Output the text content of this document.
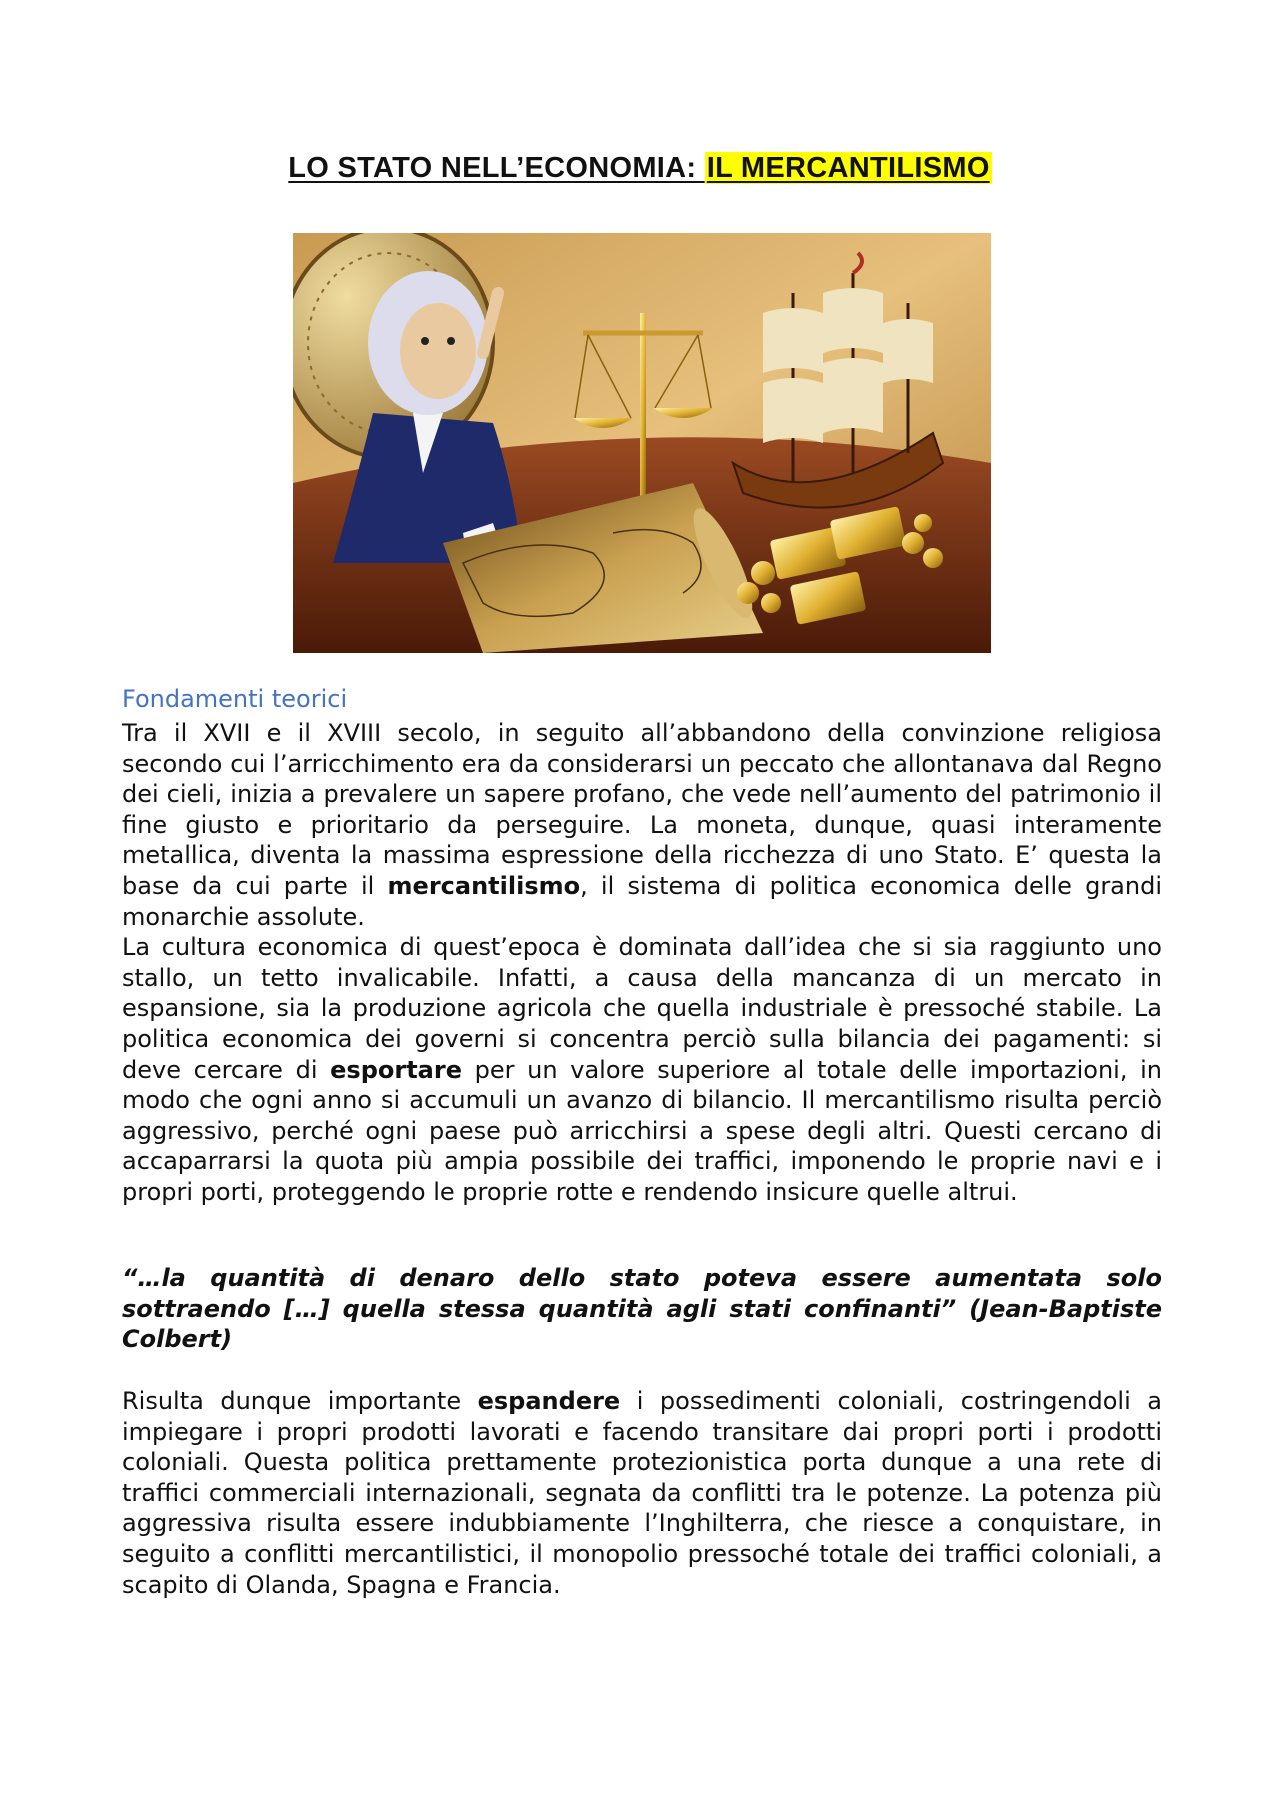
LO STATO NELL’ECONOMIA: IL MERCANTILISMO
Fondamenti teorici

Tra il XVII e il XVIII secolo, in seguito all’abbandono della convinzione religiosa secondo cui l’arricchimento era da considerarsi un peccato che allontanava dal Regno dei cieli, inizia a prevalere un sapere profano, che vede nell’aumento del patrimonio il fine giusto e prioritario da perseguire. La moneta, dunque, quasi interamente metallica, diventa la massima espressione della ricchezza di uno Stato. E’ questa la base da cui parte il mercantilismo, il sistema di politica economica delle grandi monarchie assolute.
La cultura economica di quest’epoca è dominata dall’idea che si sia raggiunto uno stallo, un tetto invalicabile. Infatti, a causa della mancanza di un mercato in espansione, sia la produzione agricola che quella industriale è pressoché stabile. La politica economica dei governi si concentra perciò sulla bilancia dei pagamenti: si deve cercare di esportare per un valore superiore al totale delle importazioni, in modo che ogni anno si accumuli un avanzo di bilancio. Il mercantilismo risulta perciò aggressivo, perché ogni paese può arricchirsi a spese degli altri. Questi cercano di accaparrarsi la quota più ampia possibile dei traffici, imponendo le proprie navi e i propri porti, proteggendo le proprie rotte e rendendo insicure quelle altrui.

“…la quantità di denaro dello stato poteva essere aumentata solo sottraendo […] quella stessa quantità agli stati confinanti” (Jean-Baptiste Colbert)

Risulta dunque importante espandere i possedimenti coloniali, costringendoli a impiegare i propri prodotti lavorati e facendo transitare dai propri porti i prodotti coloniali. Questa politica prettamente protezionistica porta dunque a una rete di traffici commerciali internazionali, segnata da conflitti tra le potenze. La potenza più aggressiva risulta essere indubbiamente l’Inghilterra, che riesce a conquistare, in seguito a conflitti mercantilistici, il monopolio pressoché totale dei traffici coloniali, a scapito di Olanda, Spagna e Francia.
